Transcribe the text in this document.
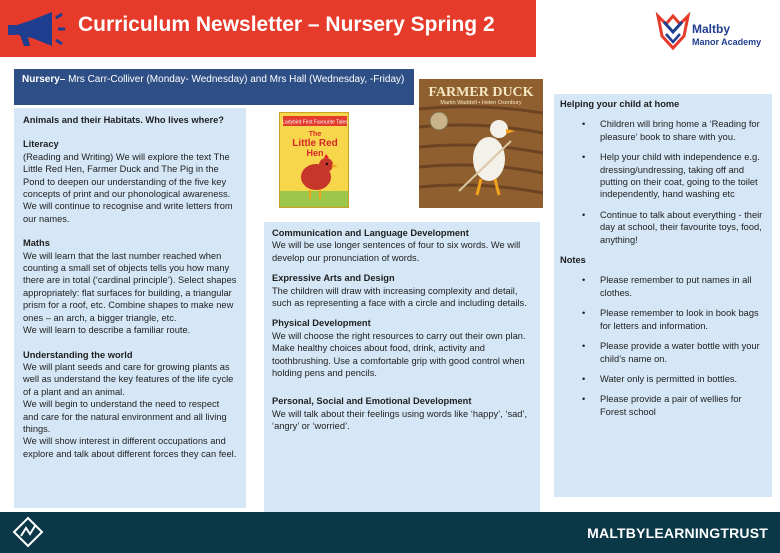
Curriculum Newsletter – Nursery Spring 2	Maltby
Manor Academy
Nursery– Mrs Carr-Colliver (Monday- Wednesday) and Mrs Hall (Wednesday, -Friday)

Animals and their Habitats. Who lives where?

Literacy

(Reading and Writing) We will explore the text The Little Red Hen, Farmer Duck and The Pig in the Pond to deepen our understanding of the five key concepts of print and our phonological awareness. We will continue to recognise and write letters from our names.

Maths

We will learn that the last number reached when counting a small set of objects tells you how many there are in total (‘cardinal principle’). Select shapes appropriately: flat surfaces for building, a triangular prism for a roof, etc. Combine shapes to make new ones – an arch, a bigger triangle, etc.

We will learn to describe a familiar route.

Understanding the world

We will plant seeds and care for growing plants as well as understand the key features of the life cycle of a plant and an animal.

We will begin to understand the need to respect and care for the natural environment and all living things.

We will show interest in different occupations and explore and talk about different forces they can feel.

Ladybird First Favourite Tales
The
Little Red
Hen
FARMER DUCK
Martin Waddell • Helen Oxenbury

Communication and Language Development

We will be use longer sentences of four to six words. We will develop our pronunciation of words.

Expressive Arts and Design

The children will draw with increasing complexity and detail, such as representing a face with a circle and including details.

Physical Development

We will choose the right resources to carry out their own plan. Make healthy choices about food, drink, activity and toothbrushing. Use a comfortable grip with good control when holding pens and pencils.

Personal, Social and Emotional Development

We will talk about their feelings using words like ‘happy’, ‘sad’, ‘angry’ or ‘worried’.

Helping your child at home

• Children will bring home a ‘Reading for pleasure’ book to share with you.
• Help your child with independence e.g. dressing/undressing, taking off and putting on their coat, going to the toilet independently, hand washing etc
• Continue to talk about everything - their day at school, their favourite toys, food, anything!

Notes

• Please remember to put names in all clothes.
• Please remember to look in book bags for letters and information.
• Please provide a water bottle with your child’s name on.
• Water only is permitted in bottles.
• Please provide a pair of wellies for Forest school
MALTBYLEARNINGTRUST
